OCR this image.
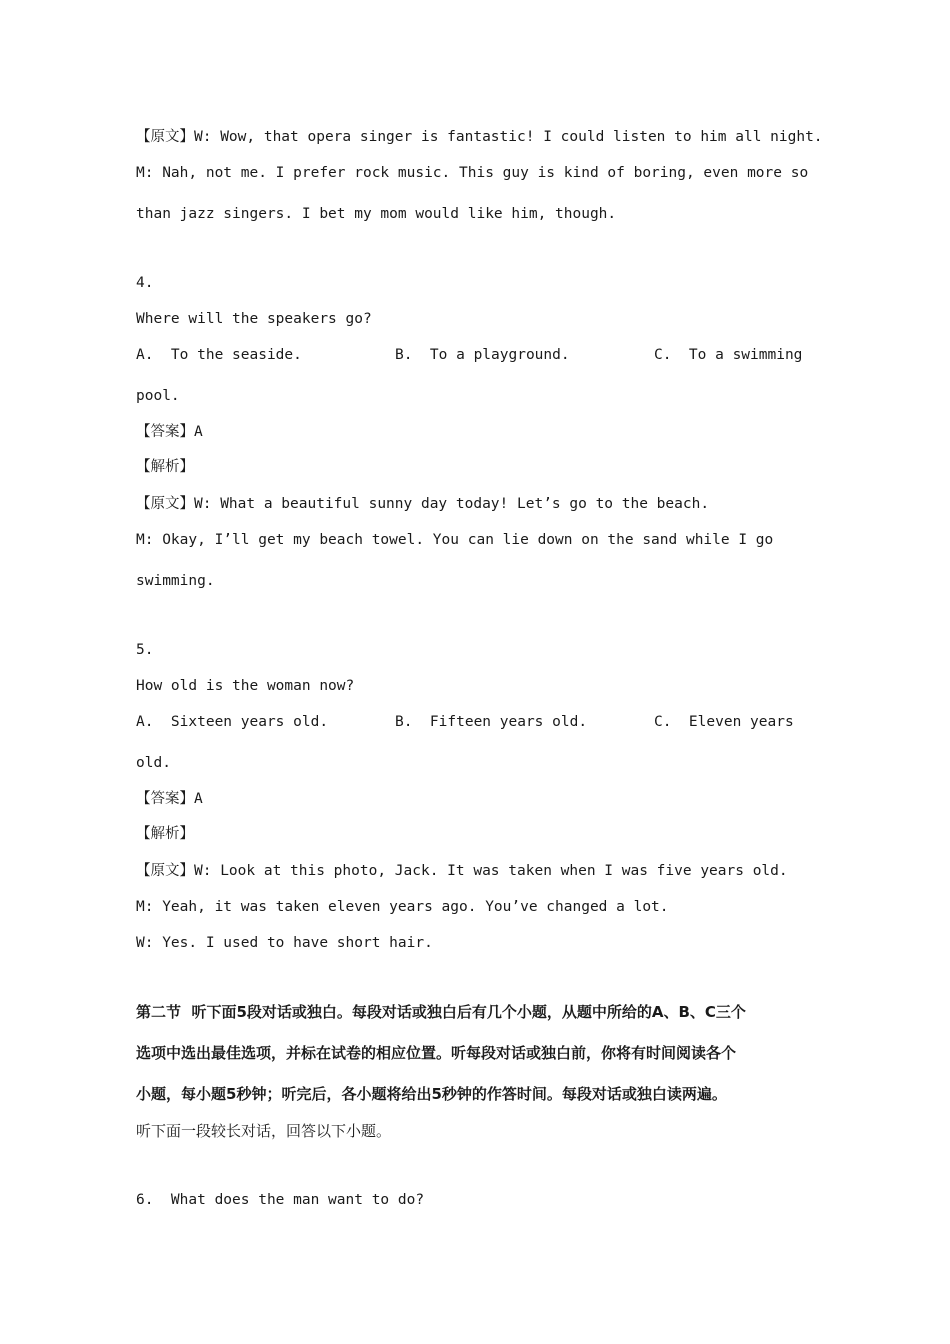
【原文】W: Wow, that opera singer is fantastic! I could listen to him all night.
M: Nah, not me. I prefer rock music. This guy is kind of boring, even more so
than jazz singers. I bet my mom would like him, though.
4.
Where will the speakers go?
A.  To the seaside.	B.  To a playground.	C.  To a swimming
pool.
【答案】A
【解析】
【原文】W: What a beautiful sunny day today! Let’s go to the beach.
M: Okay, I’ll get my beach towel. You can lie down on the sand while I go
swimming.
5.
How old is the woman now?
A.  Sixteen years old.	B.  Fifteen years old.	C.  Eleven years
old.
【答案】A
【解析】
【原文】W: Look at this photo, Jack. It was taken when I was five years old.
M: Yeah, it was taken eleven years ago. You’ve changed a lot.
W: Yes. I used to have short hair.
第二节  听下面5段对话或独白。每段对话或独白后有几个小题，从题中所给的A、B、C三个
选项中选出最佳选项，并标在试卷的相应位置。听每段对话或独白前，你将有时间阅读各个
小题，每小题5秒钟；听完后，各小题将给出5秒钟的作答时间。每段对话或独白读两遍。
听下面一段较长对话，回答以下小题。
6.  What does the man want to do?
